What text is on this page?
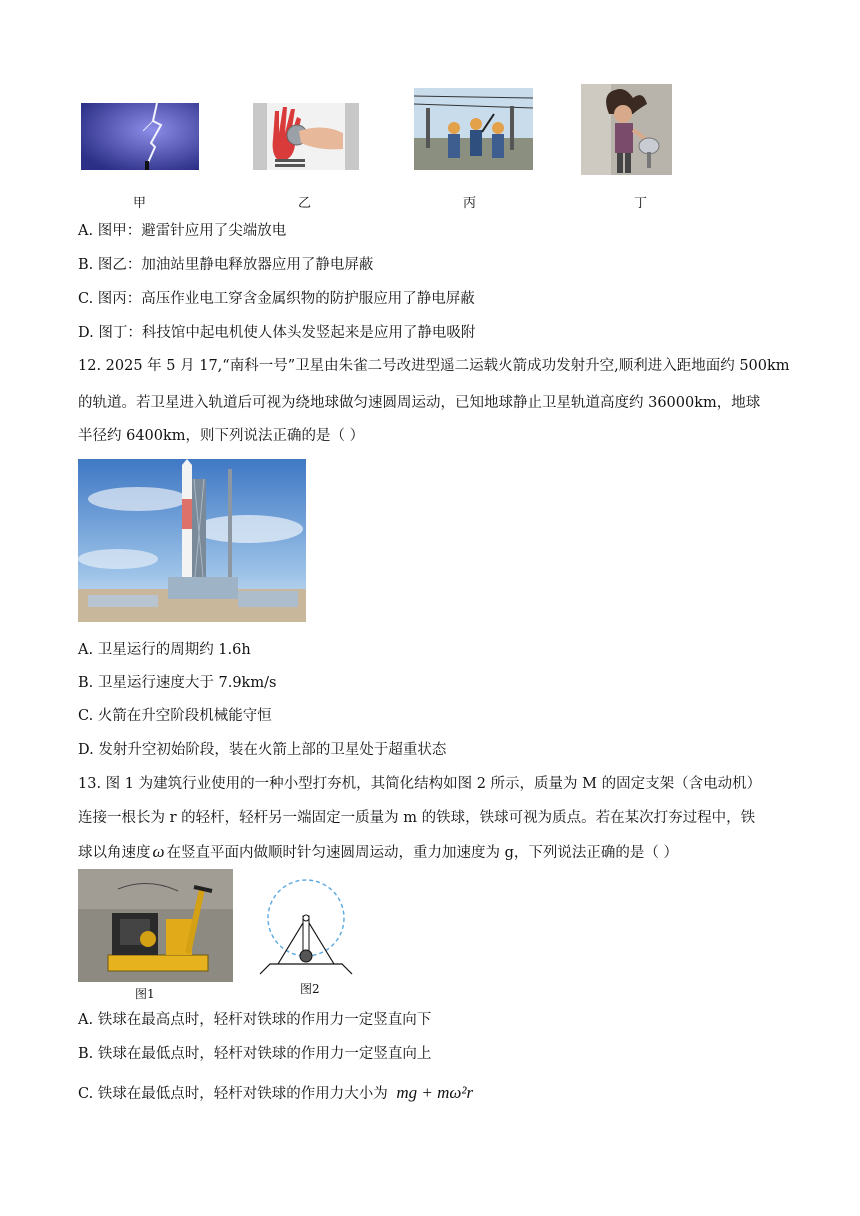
甲	乙	丙	丁
A. 图甲：避雷针应用了尖端放电
B. 图乙：加油站里静电释放器应用了静电屏蔽
C. 图丙：高压作业电工穿含金属织物的防护服应用了静电屏蔽
D. 图丁：科技馆中起电机使人体头发竖起来是应用了静电吸附
12. 2025 年 5 月 17,“南科一号”卫星由朱雀二号改进型遥二运载火箭成功发射升空,顺利进入距地面约 500km
的轨道。若卫星进入轨道后可视为绕地球做匀速圆周运动，已知地球静止卫星轨道高度约 36000km，地球
半径约 6400km，则下列说法正确的是（ ）
A. 卫星运行的周期约 1.6h
B. 卫星运行速度大于 7.9km/s
C. 火箭在升空阶段机械能守恒
D. 发射升空初始阶段，装在火箭上部的卫星处于超重状态
13. 图 1 为建筑行业使用的一种小型打夯机，其简化结构如图 2 所示，质量为 M 的固定支架（含电动机）
连接一根长为 r 的轻杆，轻杆另一端固定一质量为 m 的铁球，铁球可视为质点。若在某次打夯过程中，铁
球以角速度 ω 在竖直平面内做顺时针匀速圆周运动，重力加速度为 g，下列说法正确的是（ ）
图1	图2
A. 铁球在最高点时，轻杆对铁球的作用力一定竖直向下
B. 铁球在最低点时，轻杆对铁球的作用力一定竖直向上
C. 铁球在最低点时，轻杆对铁球的作用力大小为 mg + mω²r
